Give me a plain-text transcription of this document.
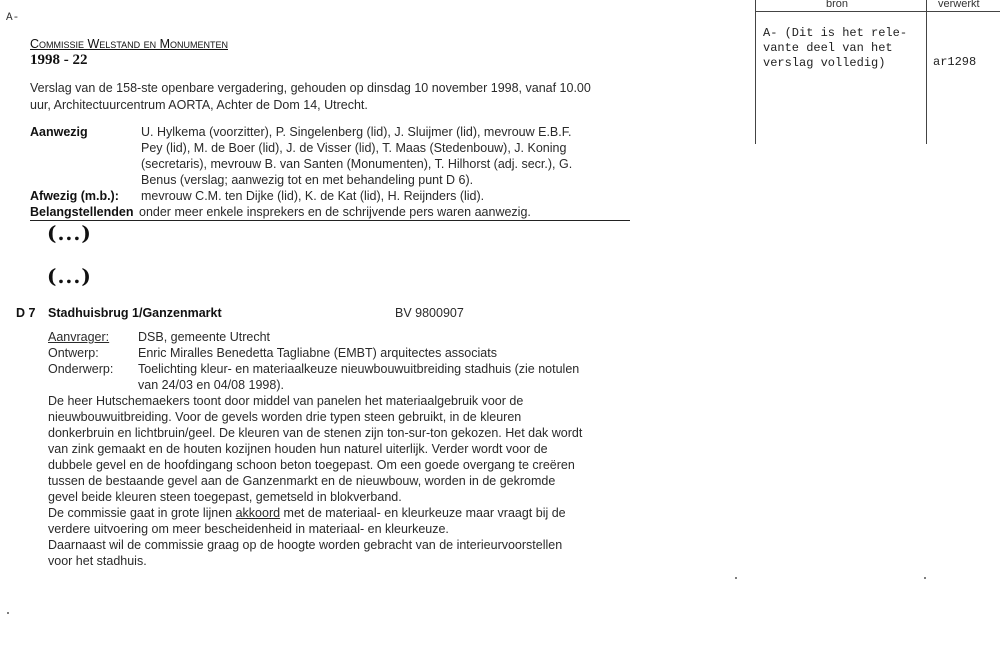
A-
bron	verwerkt
A- (Dit is het rele-
vante deel van het
verslag volledig)	ar1298
Commissie Welstand en Monumenten
1998 - 22
Verslag van de 158-ste openbare vergadering, gehouden op dinsdag 10 november 1998, vanaf 10.00
uur, Architectuurcentrum AORTA, Achter de Dom 14, Utrecht.
Aanwezig	U. Hylkema (voorzitter), P. Singelenberg (lid), J. Sluijmer (lid), mevrouw E.B.F.
Pey (lid), M. de Boer (lid), J. de Visser (lid), T. Maas (Stedenbouw), J. Koning
(secretaris), mevrouw B. van Santen (Monumenten), T. Hilhorst (adj. secr.), G.
Benus (verslag; aanwezig tot en met behandeling punt D 6).
Afwezig (m.b.): mevrouw C.M. ten Dijke (lid), K. de Kat (lid), H. Reijnders (lid).
Belangstellenden onder meer enkele insprekers en de schrijvende pers waren aanwezig.
(...)
(...)
D 7 Stadhuisbrug 1/Ganzenmarkt	BV 9800907
Aanvrager: DSB, gemeente Utrecht
Ontwerp:	Enric Miralles Benedetta Tagliabne (EMBT) arquitectes associats
Onderwerp: Toelichting kleur- en materiaalkeuze nieuwbouwuitbreiding stadhuis (zie notulen
van 24/03 en 04/08 1998).
De heer Hutschemaekers toont door middel van panelen het materiaalgebruik voor de
nieuwbouwuitbreiding. Voor de gevels worden drie typen steen gebruikt, in de kleuren
donkerbruin en lichtbruin/geel. De kleuren van de stenen zijn ton-sur-ton gekozen. Het dak wordt
van zink gemaakt en de houten kozijnen houden hun naturel uiterlijk. Verder wordt voor de
dubbele gevel en de hoofdingang schoon beton toegepast. Om een goede overgang te creëren
tussen de bestaande gevel aan de Ganzenmarkt en de nieuwbouw, worden in de gekromde
gevel beide kleuren steen toegepast, gemetseld in blokverband.
De commissie gaat in grote lijnen akkoord met de materiaal- en kleurkeuze maar vraagt bij de
verdere uitvoering om meer bescheidenheid in materiaal- en kleurkeuze.
Daarnaast wil de commissie graag op de hoogte worden gebracht van de interieurvoorstellen
voor het stadhuis.
